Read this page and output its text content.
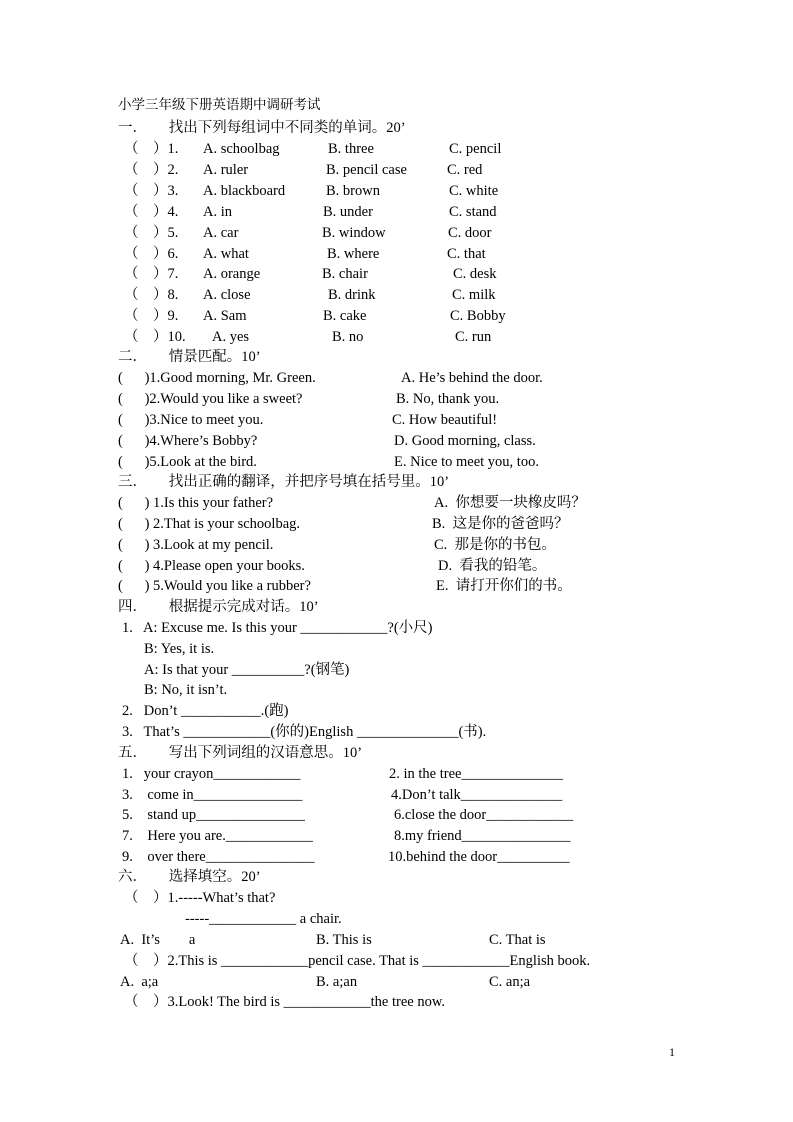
小学三年级下册英语期中调研考试
一．　　找出下列每组词中不同类的单词。20’
（　）1. A. schoolbag	B. three	C. pencil
（　）2. A. ruler	B. pencil case	C. red
（　）3. A. blackboard	B. brown	C. white
（　）4. A. in	B. under	C. stand
（　）5. A. car	B. window	C. door
（　）6. A. what	B. where	C. that
（　）7. A. orange	B. chair	C. desk
（　）8. A. close	B. drink	C. milk
（　）9. A. Sam	B. cake	C. Bobby
（　）10. A. yes	B. no	C. run
二．　　情景匹配。10’
(　 )1.Good morning, Mr. Green.	A. He’s behind the door.
(　 )2.Would you like a sweet?	B. No, thank you.
(　 )3.Nice to meet you.	C. How beautiful!
(　 )4.Where’s Bobby?	D. Good morning, class.
(　 )5.Look at the bird.	E. Nice to meet you, too.
三．　　找出正确的翻译，并把序号填在括号里。10’
(　 ) 1.Is this your father?	A.  你想要一块橡皮吗？
(　 ) 2.That is your schoolbag.	B.  这是你的爸爸吗？
(　 ) 3.Look at my pencil.	C.  那是你的书包。
(　 ) 4.Please open your books.	D.  看我的铅笔。
(　 ) 5.Would you like a rubber?	E.  请打开你们的书。
四．　　根据提示完成对话。10’
1.  A: Excuse me. Is this your ____________?(小尺)
B: Yes, it is.
A: Is that your __________?(钢笔)
B: No, it isn’t.
2.  Don’t ___________.(跑)
3.  That’s ____________(你的)English ______________(书).
五．　　写出下列词组的汉语意思。10’
1.  your crayon____________	2. in the tree______________
3.   come in_______________	4.Don’t talk______________
5.   stand up_______________	6.close the door____________
7.   Here you are.____________	8.my friend_______________
9.   over there_______________	10.behind the door__________
六．　　选择填空。20’
（　）1.-----What’s that?
-----____________ a chair.
A.  It’s  a	B. This is	C. That is
（　）2.This is ____________pencil case. That is ____________English book.
A.  a;a	B. a;an	C. an;a
（　）3.Look! The bird is ____________the tree now.
1
